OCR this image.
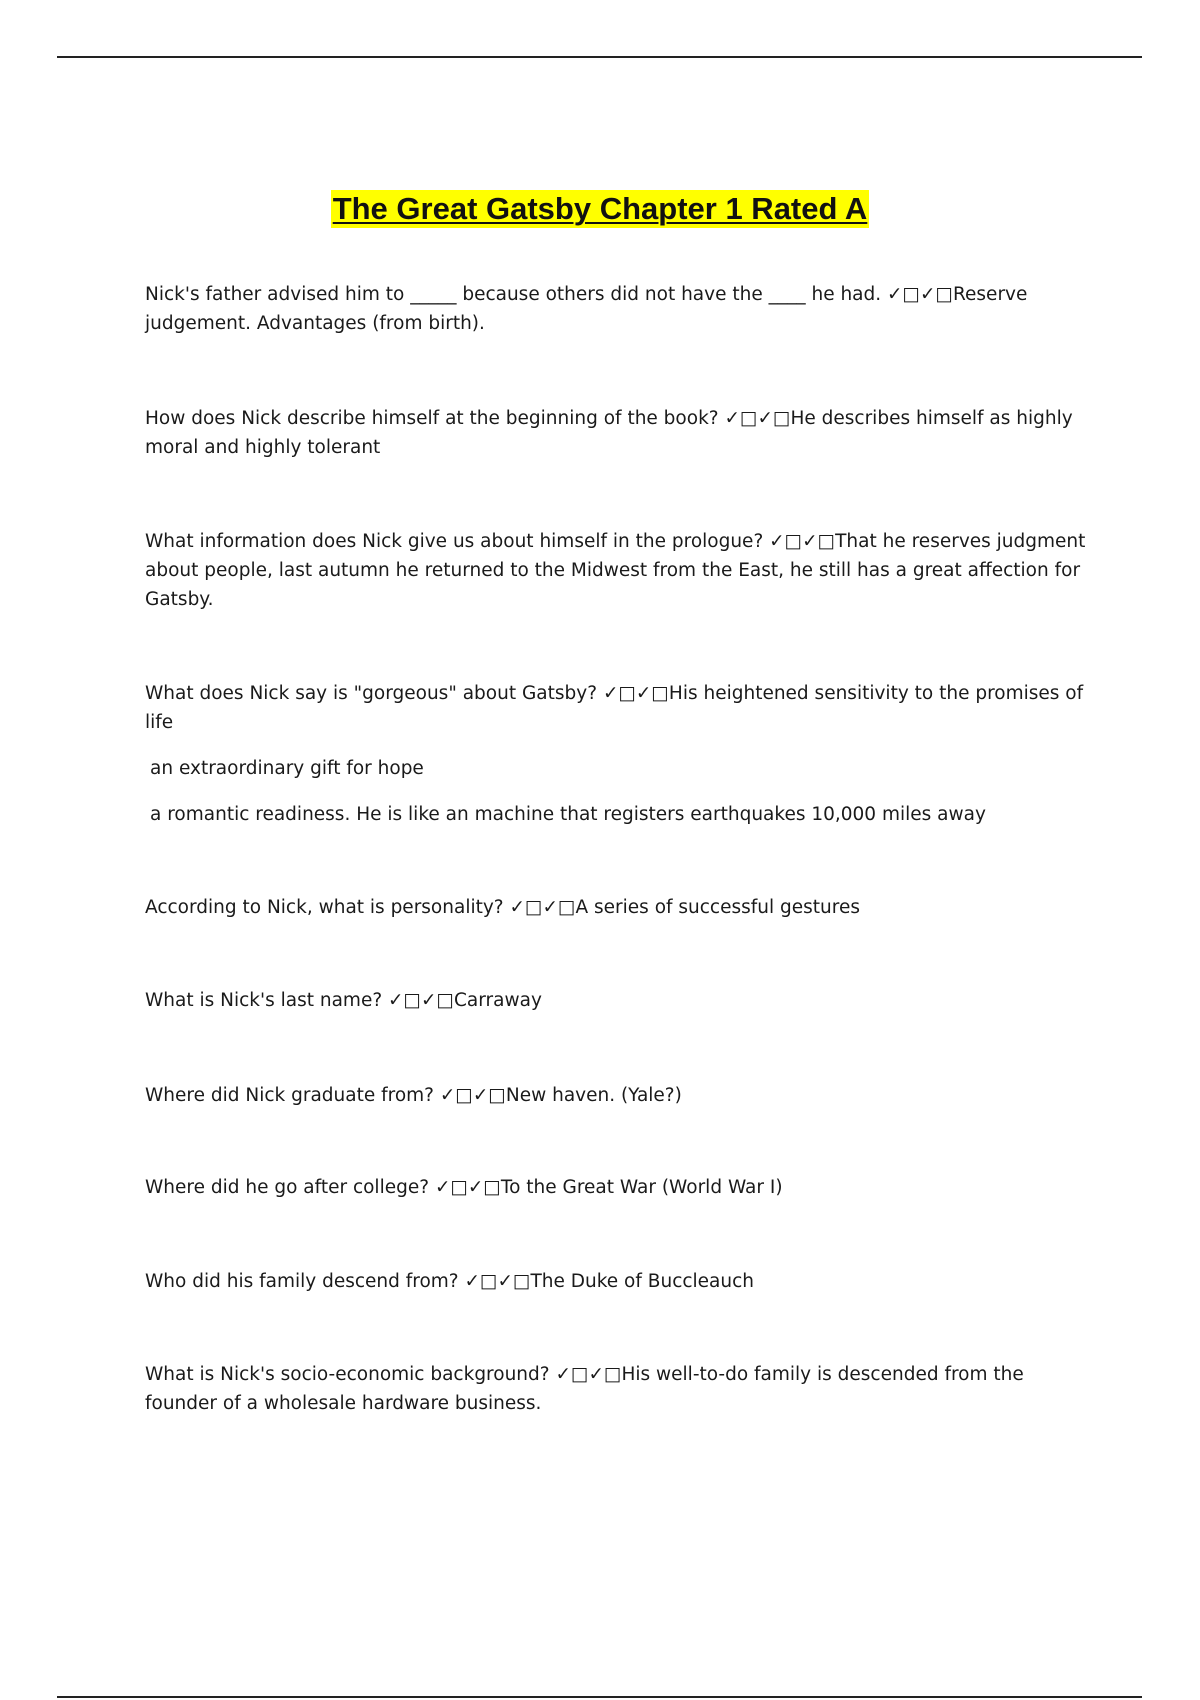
The Great Gatsby Chapter 1 Rated A

Nick's father advised him to _____ because others did not have the ____ he had. ✓□✓□Reserve judgement. Advantages (from birth).

How does Nick describe himself at the beginning of the book? ✓□✓□He describes himself as highly moral and highly tolerant

What information does Nick give us about himself in the prologue? ✓□✓□That he reserves judgment about people, last autumn he returned to the Midwest from the East, he still has a great affection for Gatsby.

What does Nick say is "gorgeous" about Gatsby? ✓□✓□His heightened sensitivity to the promises of life

an extraordinary gift for hope

a romantic readiness. He is like an machine that registers earthquakes 10,000 miles away

According to Nick, what is personality? ✓□✓□A series of successful gestures

What is Nick's last name? ✓□✓□Carraway

Where did Nick graduate from? ✓□✓□New haven. (Yale?)

Where did he go after college? ✓□✓□To the Great War (World War I)

Who did his family descend from? ✓□✓□The Duke of Buccleauch

What is Nick's socio-economic background? ✓□✓□His well-to-do family is descended from the founder of a wholesale hardware business.
